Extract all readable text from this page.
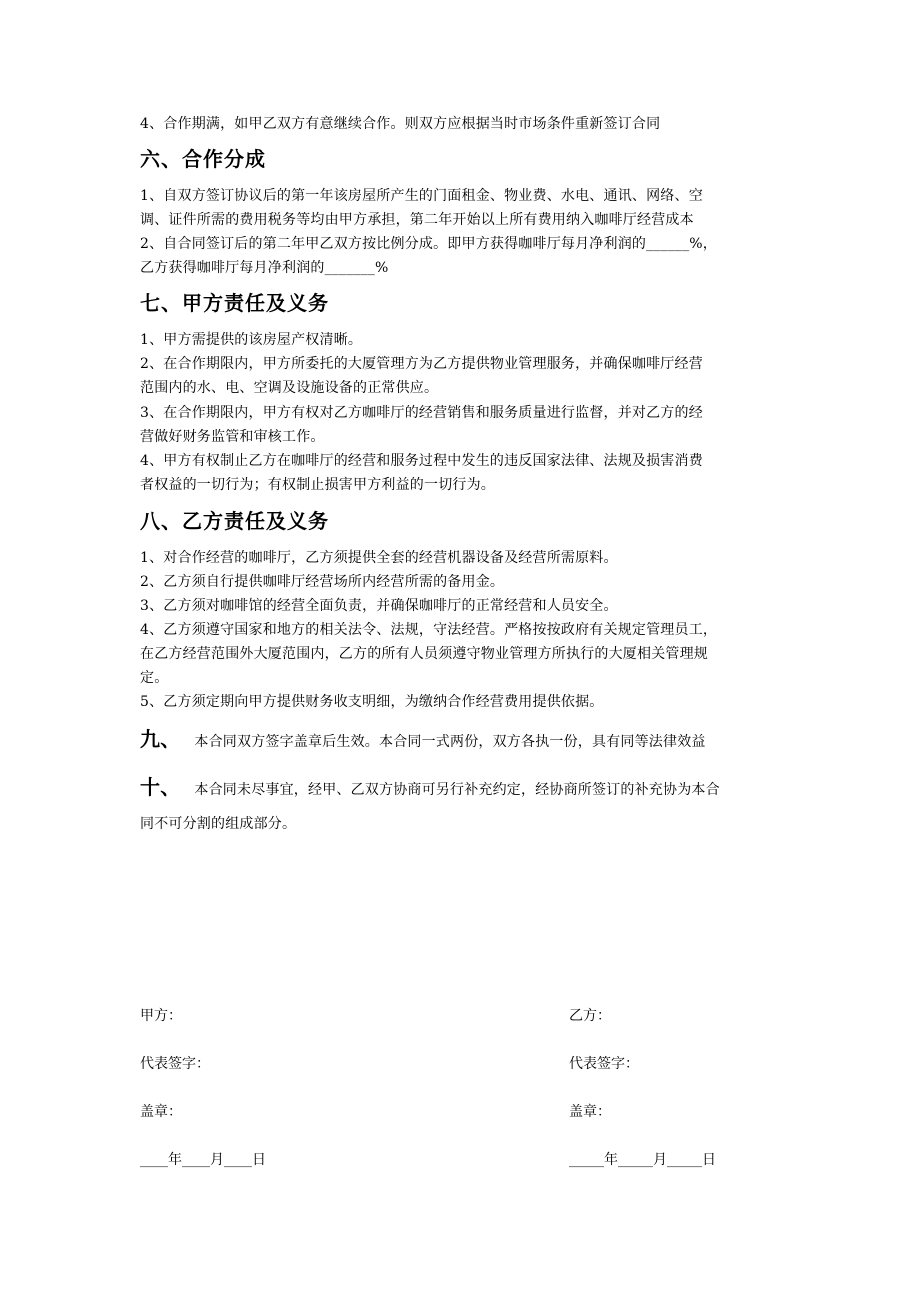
4、合作期满，如甲乙双方有意继续合作。则双方应根据当时市场条件重新签订合同
六、合作分成
1、自双方签订协议后的第一年该房屋所产生的门面租金、物业费、水电、通讯、网络、空
调、证件所需的费用税务等均由甲方承担，第二年开始以上所有费用纳入咖啡厅经营成本
2、自合同签订后的第二年甲乙双方按比例分成。即甲方获得咖啡厅每月净利润的______%，
乙方获得咖啡厅每月净利润的_______%
七、甲方责任及义务
1、甲方需提供的该房屋产权清晰。
2、在合作期限内，甲方所委托的大厦管理方为乙方提供物业管理服务，并确保咖啡厅经营
范围内的水、电、空调及设施设备的正常供应。
3、在合作期限内，甲方有权对乙方咖啡厅的经营销售和服务质量进行监督，并对乙方的经
营做好财务监管和审核工作。
4、甲方有权制止乙方在咖啡厅的经营和服务过程中发生的违反国家法律、法规及损害消费
者权益的一切行为；有权制止损害甲方利益的一切行为。
八、乙方责任及义务
1、对合作经营的咖啡厅，乙方须提供全套的经营机器设备及经营所需原料。
2、乙方须自行提供咖啡厅经营场所内经营所需的备用金。
3、乙方须对咖啡馆的经营全面负责，并确保咖啡厅的正常经营和人员安全。
4、乙方须遵守国家和地方的相关法令、法规，守法经营。严格按按政府有关规定管理员工，
在乙方经营范围外大厦范围内，乙方的所有人员须遵守物业管理方所执行的大厦相关管理规
定。
5、乙方须定期向甲方提供财务收支明细，为缴纳合作经营费用提供依据。
九、 本合同双方签字盖章后生效。本合同一式两份，双方各执一份，具有同等法律效益
十、 本合同未尽事宜，经甲、乙双方协商可另行补充约定，经协商所签订的补充协为本合
同不可分割的组成部分。
甲方：
代表签字：
盖章：
____年____月____日
乙方：
代表签字：
盖章：
_____年_____月_____日
